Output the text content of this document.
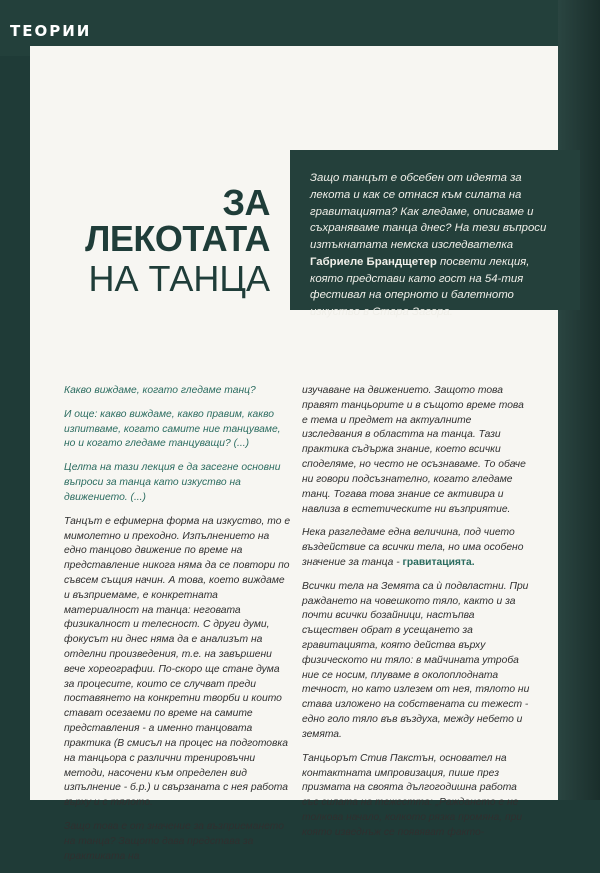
ТЕОРИИ
ЗА ЛЕКОТАТА
НА ТАНЦА
Защо танцът е обсебен от идеята за лекота и как се отнася към силата на гравитацията? Как гледаме, описваме и съхраняваме танца днес? На тези въпроси изтъкнатата немска изследвателка Габриеле Брандщетер посвети лекция, която представи като гост на 54-тия фестивал на оперното и балетното изкуство в Стара Загора.

Какво виждаме, когато гледаме танц?

И още: какво виждаме, какво правим, какво изпитваме, когато самите ние танцуваме, но и когато гледаме танцуващи? (...)

Целта на тази лекция е да засегне основни въпроси за танца като изкуство на движението. (...)

Танцът е ефимерна форма на изкуство, то е мимолетно и преходно. Изпълнението на едно танцово движение по време на представление никога няма да се повтори по съвсем същия начин. А това, което виждаме и възприемаме, е конкретната материалност на танца: неговата физикалност и телесност. С други думи, фокусът ни днес няма да е анализът на отделни произведения, т.е. на завършени вече хореографии. По-скоро ще стане дума за процесите, които се случват преди поставянето на конкретни творби и които стават осезаеми по време на самите представления - а именно танцовата практика (В смисъл на процес на подготовка на танцьора с различни тренировъчни методи, насочени към определен вид изпълнение - б.р.) и свързаната с нея работа върху и с тялото.

Защо това е от значение за възприемането на танца? Защото дава представа за практиката на

изучаване на движението. Защото това правят танцьорите и в същото време това е тема и предмет на актуалните изследвания в областта на танца. Тази практика съдържа знание, което всички споделяме, но често не осъзнаваме. То обаче ни говори подсъзнателно, когато гледаме танц. Тогава това знание се активира и навлиза в естетическите ни възприятие.

Нека разгледаме една величина, под чието въздействие са всички тела, но има особено значение за танца - гравитацията.

Всички тела на Земята са ѝ подвластни. При раждането на човешкото тяло, както и за почти всички бозайници, настъпва съществен обрат в усещането за гравитацията, която действа върху физическото ни тяло: в майчината утроба ние се носим, плуваме в околоплодната течност, но като излезем от нея, тялото ни става изложено на собствената си тежест - едно голо тяло във въздуха, между небето и земята.

Танцьорът Стив Пакстън, основател на контактната импровизация, пише през призмата на своята дългогодишна работа със силата на тежестта: „Раждането е не толкова начало, колкото рязка промяна, при която изведнъж се появяват факто-
